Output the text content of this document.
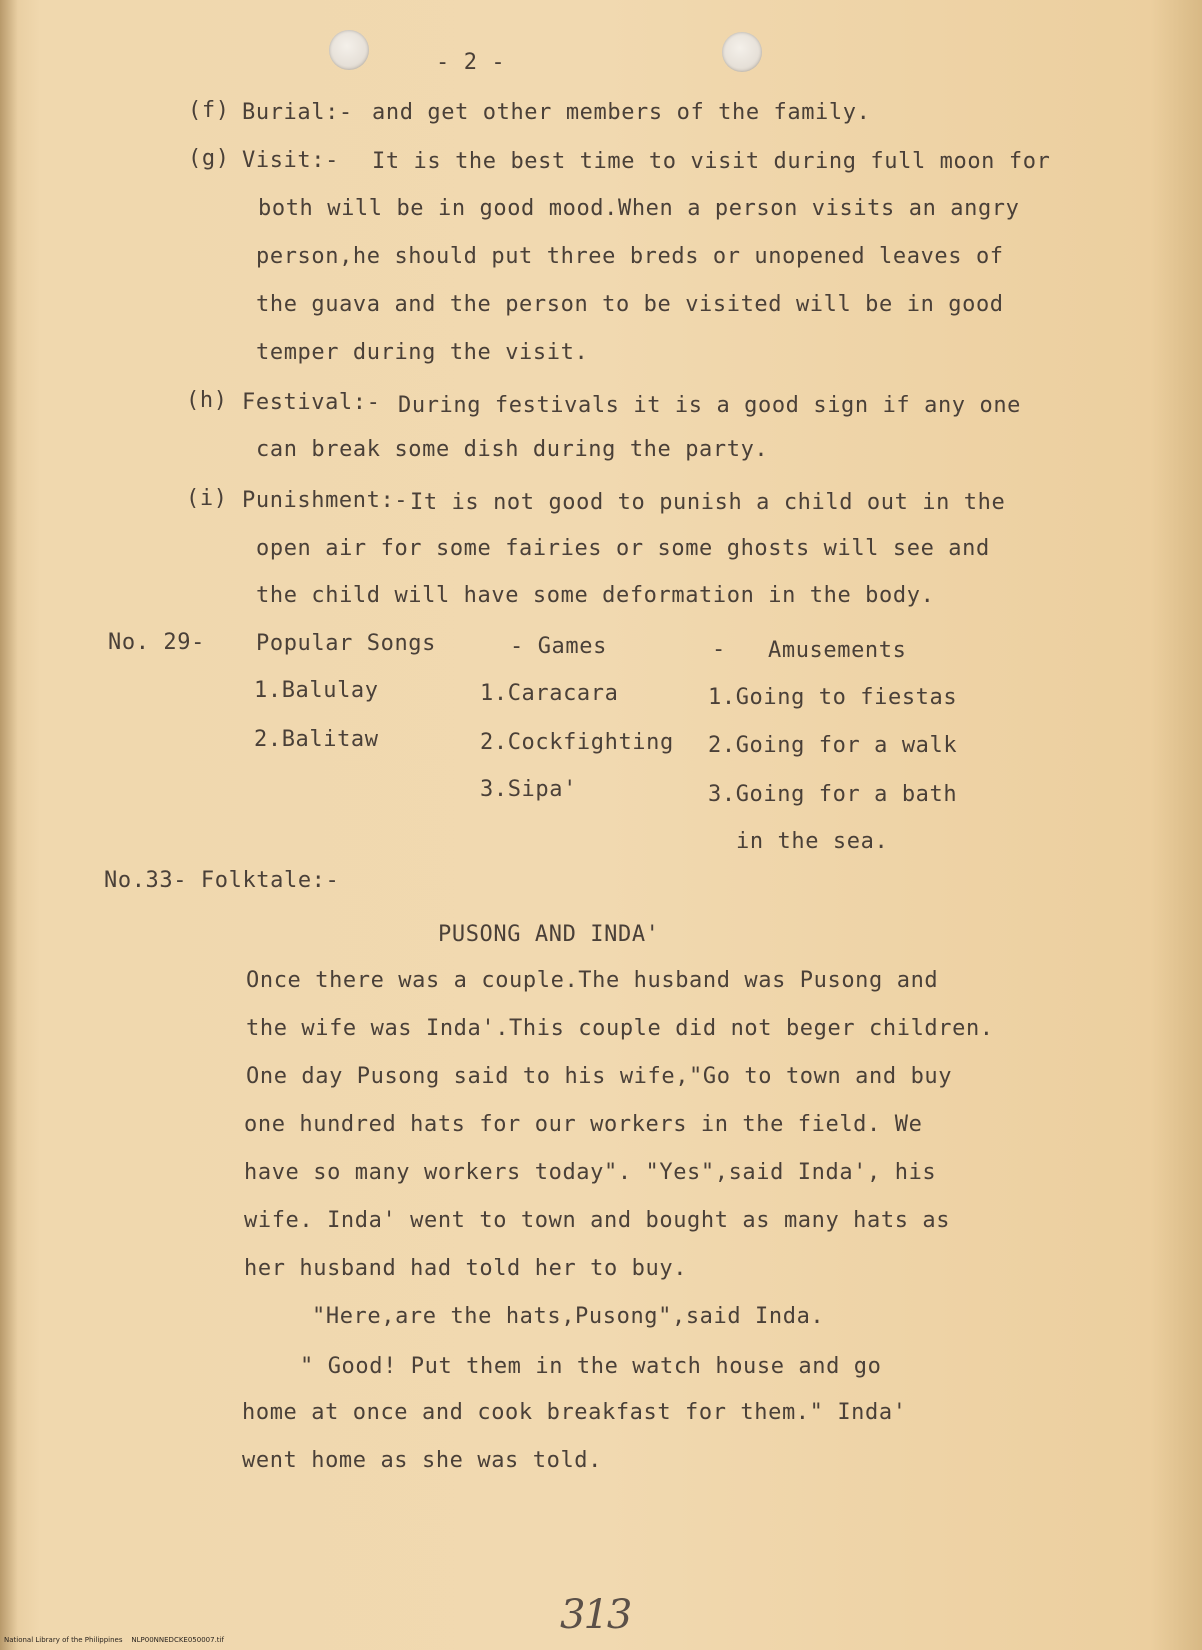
- 2 -
(f) Burial:- and get other members of the family.
(g) Visit:- It is the best time to visit during full moon for
both will be in good mood.When a person visits an angry
person,he should put three breds or unopened leaves of
the guava and the person to be visited will be in good
temper during the visit.
(h) Festival:- During festivals it is a good sign if any one
can break some dish during the party.
(i) Punishment:- It is not good to punish a child out in the
open air for some fairies or some ghosts will see and
the child will have some deformation in the body.
No. 29- Popular Songs	- Games	- Amusements
1.Balulay
2.Balitaw
1.Caracara
2.Cockfighting
3.Sipa'
1.Going to fiestas
2.Going for a walk
3.Going for a bath
in the sea.
No.33- Folktale:-
PUSONG AND INDA'
Once there was a couple.The husband was Pusong and
the wife was Inda'.This couple did not beger children.
One day Pusong said to his wife,"Go to town and buy
one hundred hats for our workers in the field. We
have so many workers today". "Yes",said Inda', his
wife. Inda' went to town and bought as many hats as
her husband had told her to buy.
"Here,are the hats,Pusong",said Inda.
" Good! Put them in the watch house and go
home at once and cook breakfast for them." Inda'
went home as she was told.
313
National Library of the Philippines    NLP00NNEDCKE050007.tif
